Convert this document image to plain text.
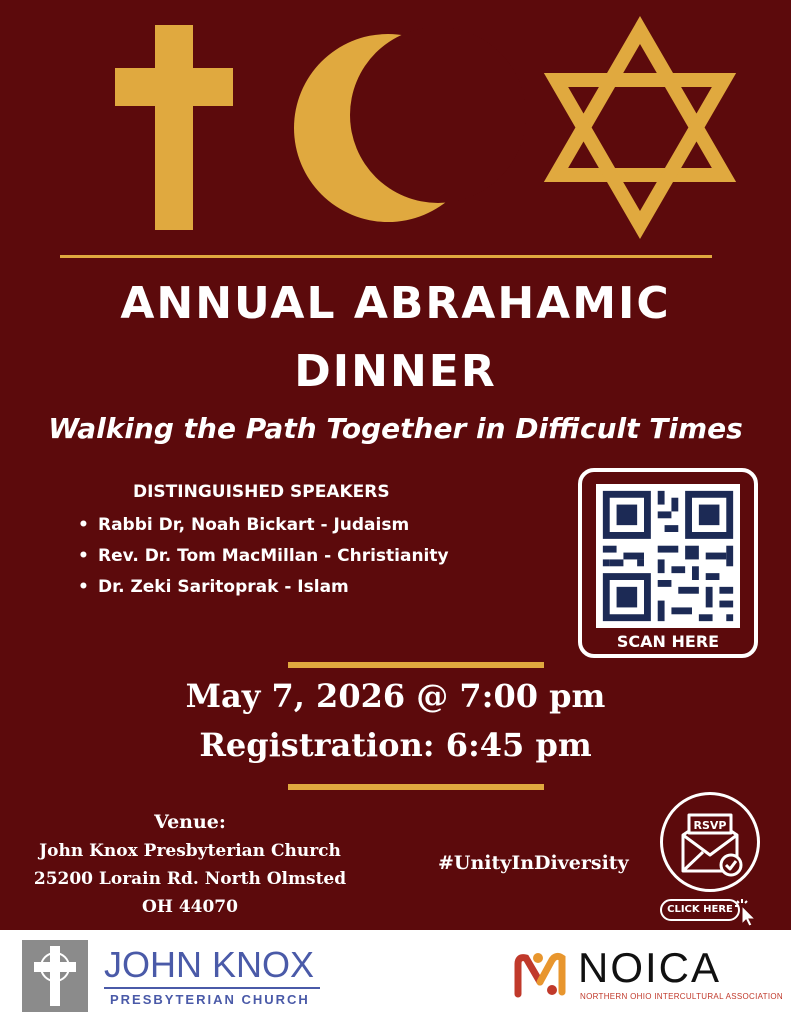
ANNUAL ABRAHAMIC
DINNER
Walking the Path Together in Difficult Times
DISTINGUISHED SPEAKERS
• Rabbi Dr, Noah Bickart - Judaism
• Rev. Dr. Tom MacMillan - Christianity
• Dr. Zeki Saritoprak - Islam
SCAN HERE
May 7, 2026 @ 7:00 pm
Registration: 6:45 pm
Venue:
John Knox Presbyterian Church
25200 Lorain Rd. North Olmsted
OH 44070
#UnityInDiversity
RSVP
CLICK HERE
JOHN KNOX
PRESBYTERIAN CHURCH
NOICA
NORTHERN OHIO INTERCULTURAL ASSOCIATION
